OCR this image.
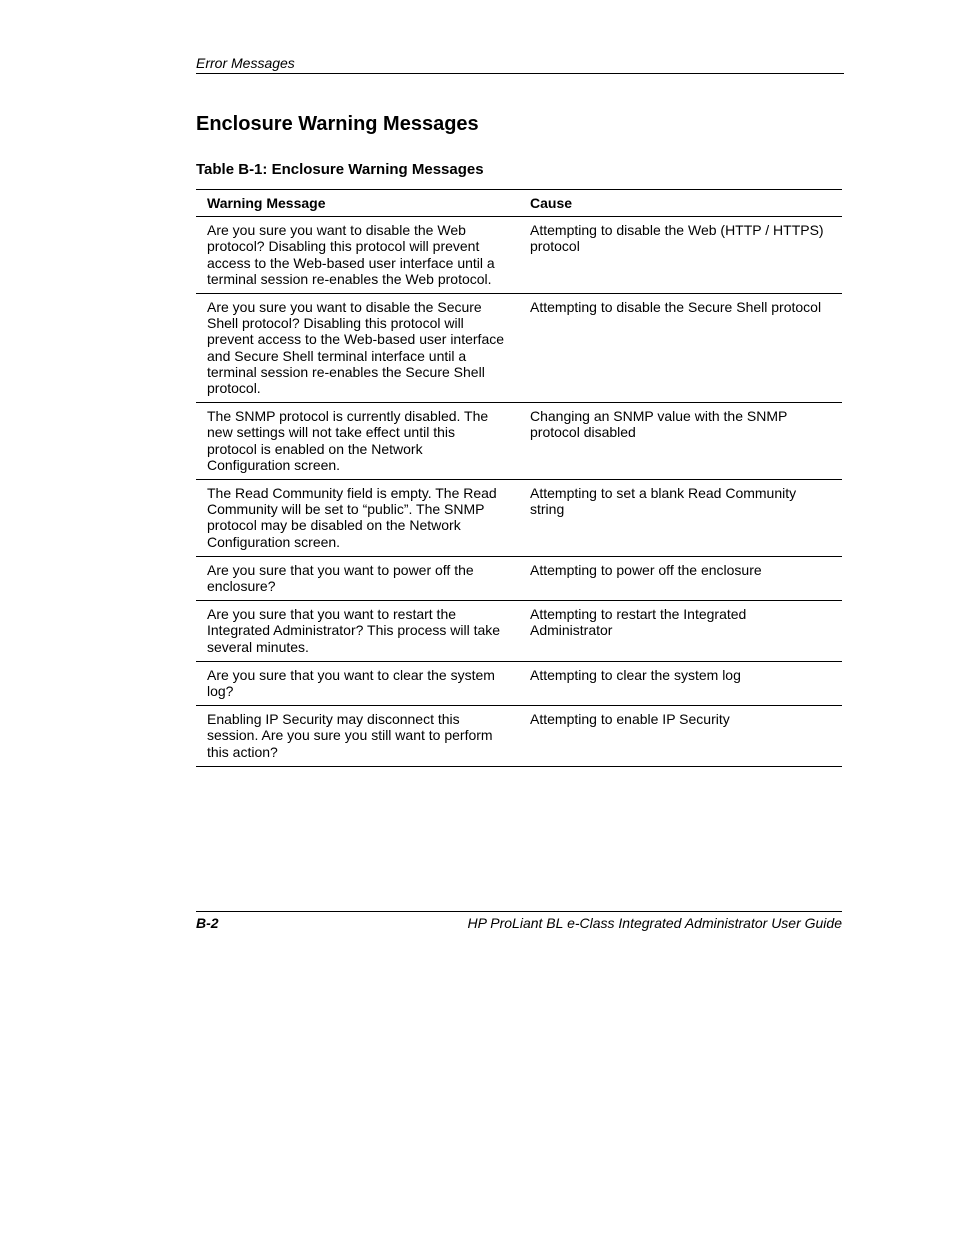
Error Messages
Enclosure Warning Messages
Table B-1: Enclosure Warning Messages
Warning Message	Cause
Are you sure you want to disable the Web protocol? Disabling this protocol will prevent access to the Web-based user interface until a terminal session re-enables the Web protocol.	Attempting to disable the Web (HTTP / HTTPS) protocol
Are you sure you want to disable the Secure Shell protocol? Disabling this protocol will prevent access to the Web-based user interface and Secure Shell terminal interface until a terminal session re-enables the Secure Shell protocol.	Attempting to disable the Secure Shell protocol
The SNMP protocol is currently disabled. The new settings will not take effect until this protocol is enabled on the Network Configuration screen.	Changing an SNMP value with the SNMP protocol disabled
The Read Community field is empty. The Read Community will be set to “public”. The SNMP protocol may be disabled on the Network Configuration screen.	Attempting to set a blank Read Community string
Are you sure that you want to power off the enclosure?	Attempting to power off the enclosure
Are you sure that you want to restart the Integrated Administrator? This process will take several minutes.	Attempting to restart the Integrated Administrator
Are you sure that you want to clear the system log?	Attempting to clear the system log
Enabling IP Security may disconnect this session. Are you sure you still want to perform this action?	Attempting to enable IP Security
B-2	HP ProLiant BL e-Class Integrated Administrator User Guide
